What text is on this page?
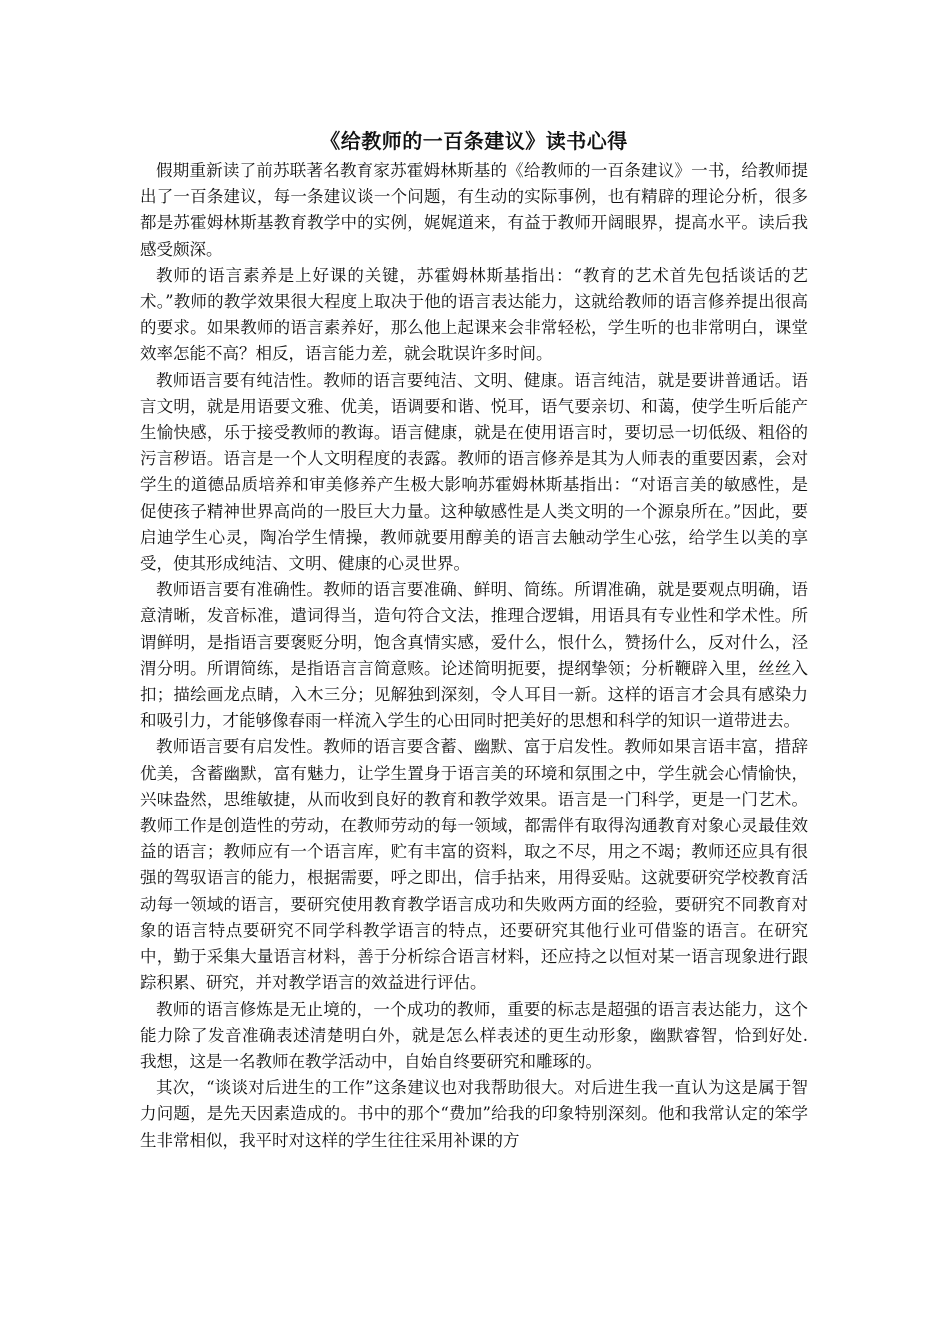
《给教师的一百条建议》读书心得

假期重新读了前苏联著名教育家苏霍姆林斯基的《给教师的一百条建议》一书，给教师提出了一百条建议，每一条建议谈一个问题，有生动的实际事例，也有精辟的理论分析，很多都是苏霍姆林斯基教育教学中的实例，娓娓道来，有益于教师开阔眼界，提高水平。读后我感受颇深。

教师的语言素养是上好课的关键，苏霍姆林斯基指出：“教育的艺术首先包括谈话的艺术。”教师的教学效果很大程度上取决于他的语言表达能力，这就给教师的语言修养提出很高的要求。如果教师的语言素养好，那么他上起课来会非常轻松，学生听的也非常明白，课堂效率怎能不高？相反，语言能力差，就会耽误许多时间。

教师语言要有纯洁性。教师的语言要纯洁、文明、健康。语言纯洁，就是要讲普通话。语言文明，就是用语要文雅、优美，语调要和谐、悦耳，语气要亲切、和蔼，使学生听后能产生愉快感，乐于接受教师的教诲。语言健康，就是在使用语言时，要切忌一切低级、粗俗的污言秽语。语言是一个人文明程度的表露。教师的语言修养是其为人师表的重要因素，会对学生的道德品质培养和审美修养产生极大影响苏霍姆林斯基指出：“对语言美的敏感性，是促使孩子精神世界高尚的一股巨大力量。这种敏感性是人类文明的一个源泉所在。”因此，要启迪学生心灵，陶冶学生情操，教师就要用醇美的语言去触动学生心弦，给学生以美的享受，使其形成纯洁、文明、健康的心灵世界。

教师语言要有准确性。教师的语言要准确、鲜明、简练。所谓准确，就是要观点明确，语意清晰，发音标准，遣词得当，造句符合文法，推理合逻辑，用语具有专业性和学术性。所谓鲜明，是指语言要褒贬分明，饱含真情实感，爱什么，恨什么，赞扬什么，反对什么，泾渭分明。所谓简练，是指语言言简意赅。论述简明扼要，提纲挚领；分析鞭辟入里，丝丝入扣；描绘画龙点睛，入木三分；见解独到深刻，令人耳目一新。这样的语言才会具有感染力和吸引力，才能够像春雨一样流入学生的心田同时把美好的思想和科学的知识一道带进去。

教师语言要有启发性。教师的语言要含蓄、幽默、富于启发性。教师如果言语丰富，措辞优美，含蓄幽默，富有魅力，让学生置身于语言美的环境和氛围之中，学生就会心情愉快，兴味盎然，思维敏捷，从而收到良好的教育和教学效果。语言是一门科学，更是一门艺术。教师工作是创造性的劳动，在教师劳动的每一领域，都需伴有取得沟通教育对象心灵最佳效益的语言；教师应有一个语言库，贮有丰富的资料，取之不尽，用之不竭；教师还应具有很强的驾驭语言的能力，根据需要，呼之即出，信手拈来，用得妥贴。这就要研究学校教育活动每一领域的语言，要研究使用教育教学语言成功和失败两方面的经验，要研究不同教育对象的语言特点要研究不同学科教学语言的特点，还要研究其他行业可借鉴的语言。在研究中，勤于采集大量语言材料，善于分析综合语言材料，还应持之以恒对某一语言现象进行跟踪积累、研究，并对教学语言的效益进行评估。

教师的语言修炼是无止境的，一个成功的教师，重要的标志是超强的语言表达能力，这个能力除了发音准确表述清楚明白外，就是怎么样表述的更生动形象，幽默睿智，恰到好处. 我想，这是一名教师在教学活动中，自始自终要研究和雕琢的。

其次，“谈谈对后进生的工作”这条建议也对我帮助很大。对后进生我一直认为这是属于智力问题，是先天因素造成的。书中的那个“费加”给我的印象特别深刻。他和我常认定的笨学生非常相似，我平时对这样的学生往往采用补课的方
